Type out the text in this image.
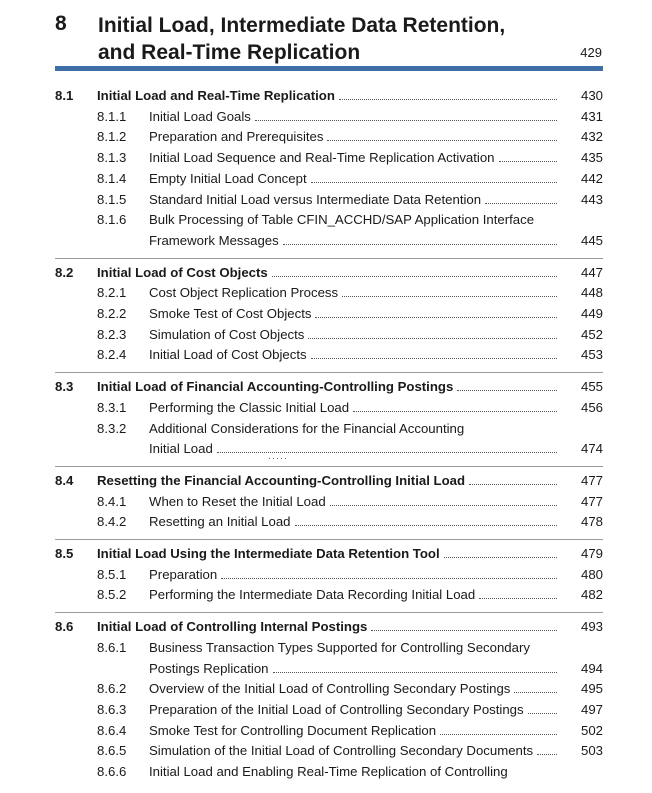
8 Initial Load, Intermediate Data Retention,
and Real-Time Replication	429
8.1	Initial Load and Real-Time Replication	430
8.1.1	Initial Load Goals	431
8.1.2	Preparation and Prerequisites	432
8.1.3	Initial Load Sequence and Real-Time Replication Activation	435
8.1.4	Empty Initial Load Concept	442
8.1.5	Standard Initial Load versus Intermediate Data Retention	443
8.1.6	Bulk Processing of Table CFIN_ACCHD/SAP Application Interface
Framework Messages	445
8.2	Initial Load of Cost Objects	447
8.2.1	Cost Object Replication Process	448
8.2.2	Smoke Test of Cost Objects	449
8.2.3	Simulation of Cost Objects	452
8.2.4	Initial Load of Cost Objects	453
8.3	Initial Load of Financial Accounting-Controlling Postings	455
8.3.1	Performing the Classic Initial Load	456
8.3.2	Additional Considerations for the Financial Accounting
Initial Load	474
8.4	Resetting the Financial Accounting-Controlling Initial Load	477
8.4.1	When to Reset the Initial Load	477
8.4.2	Resetting an Initial Load	478
8.5	Initial Load Using the Intermediate Data Retention Tool	479
8.5.1	Preparation	480
8.5.2	Performing the Intermediate Data Recording Initial Load	482
8.6	Initial Load of Controlling Internal Postings	493
8.6.1	Business Transaction Types Supported for Controlling Secondary
Postings Replication	494
8.6.2	Overview of the Initial Load of Controlling Secondary Postings	495
8.6.3	Preparation of the Initial Load of Controlling Secondary Postings	497
8.6.4	Smoke Test for Controlling Document Replication	502
8.6.5	Simulation of the Initial Load of Controlling Secondary Documents	503
8.6.6	Initial Load and Enabling Real-Time Replication of Controlling
·····
